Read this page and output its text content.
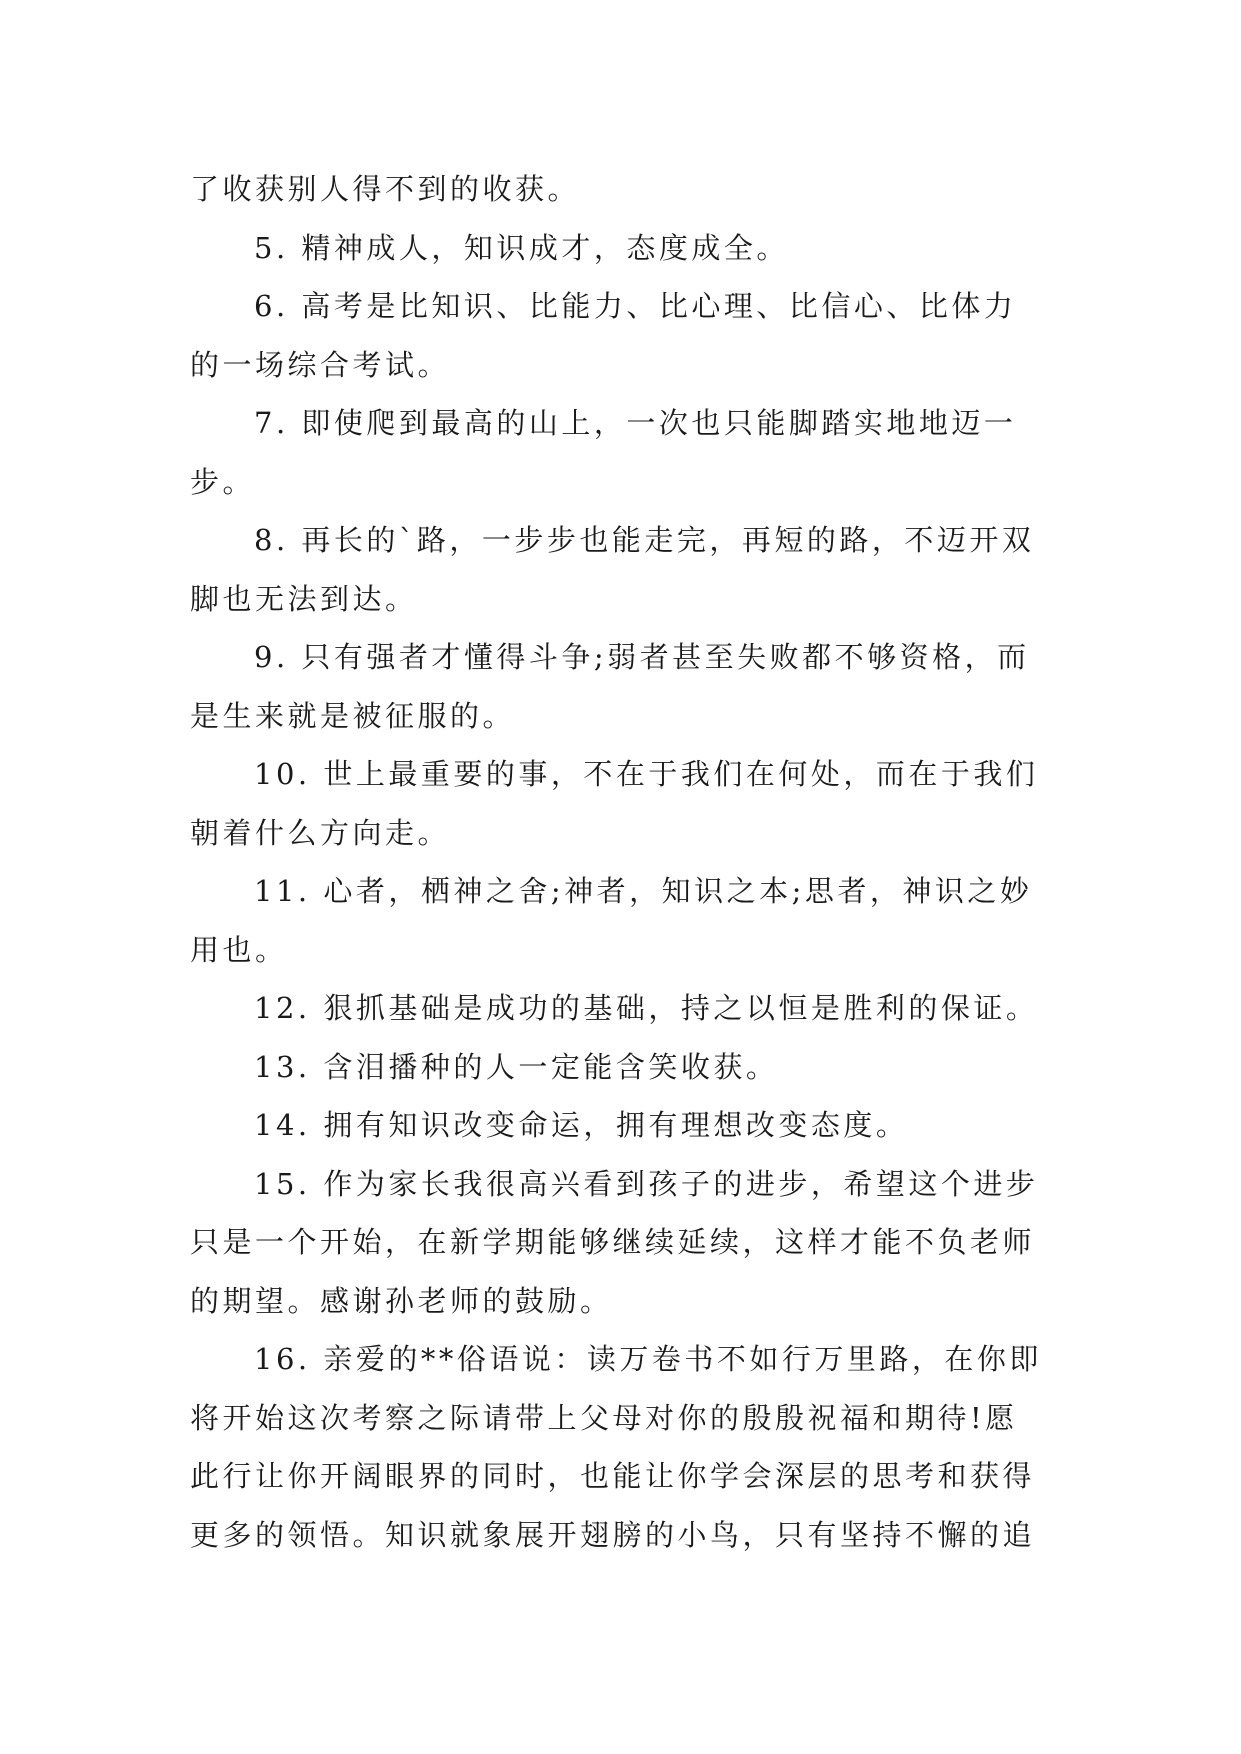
了收获别人得不到的收获。
5. 精神成人，知识成才，态度成全。
6. 高考是比知识、比能力、比心理、比信心、比体力
的一场综合考试。
7. 即使爬到最高的山上，一次也只能脚踏实地地迈一
步。
8. 再长的`路，一步步也能走完，再短的路，不迈开双
脚也无法到达。
9. 只有强者才懂得斗争;弱者甚至失败都不够资格，而
是生来就是被征服的。
10. 世上最重要的事，不在于我们在何处，而在于我们
朝着什么方向走。
11. 心者，栖神之舍;神者，知识之本;思者，神识之妙
用也。
12. 狠抓基础是成功的基础，持之以恒是胜利的保证。
13. 含泪播种的人一定能含笑收获。
14. 拥有知识改变命运，拥有理想改变态度。
15. 作为家长我很高兴看到孩子的进步，希望这个进步
只是一个开始，在新学期能够继续延续，这样才能不负老师
的期望。感谢孙老师的鼓励。
16. 亲爱的**俗语说：读万卷书不如行万里路，在你即
将开始这次考察之际请带上父母对你的殷殷祝福和期待!愿
此行让你开阔眼界的同时，也能让你学会深层的思考和获得
更多的领悟。知识就象展开翅膀的小鸟，只有坚持不懈的追
